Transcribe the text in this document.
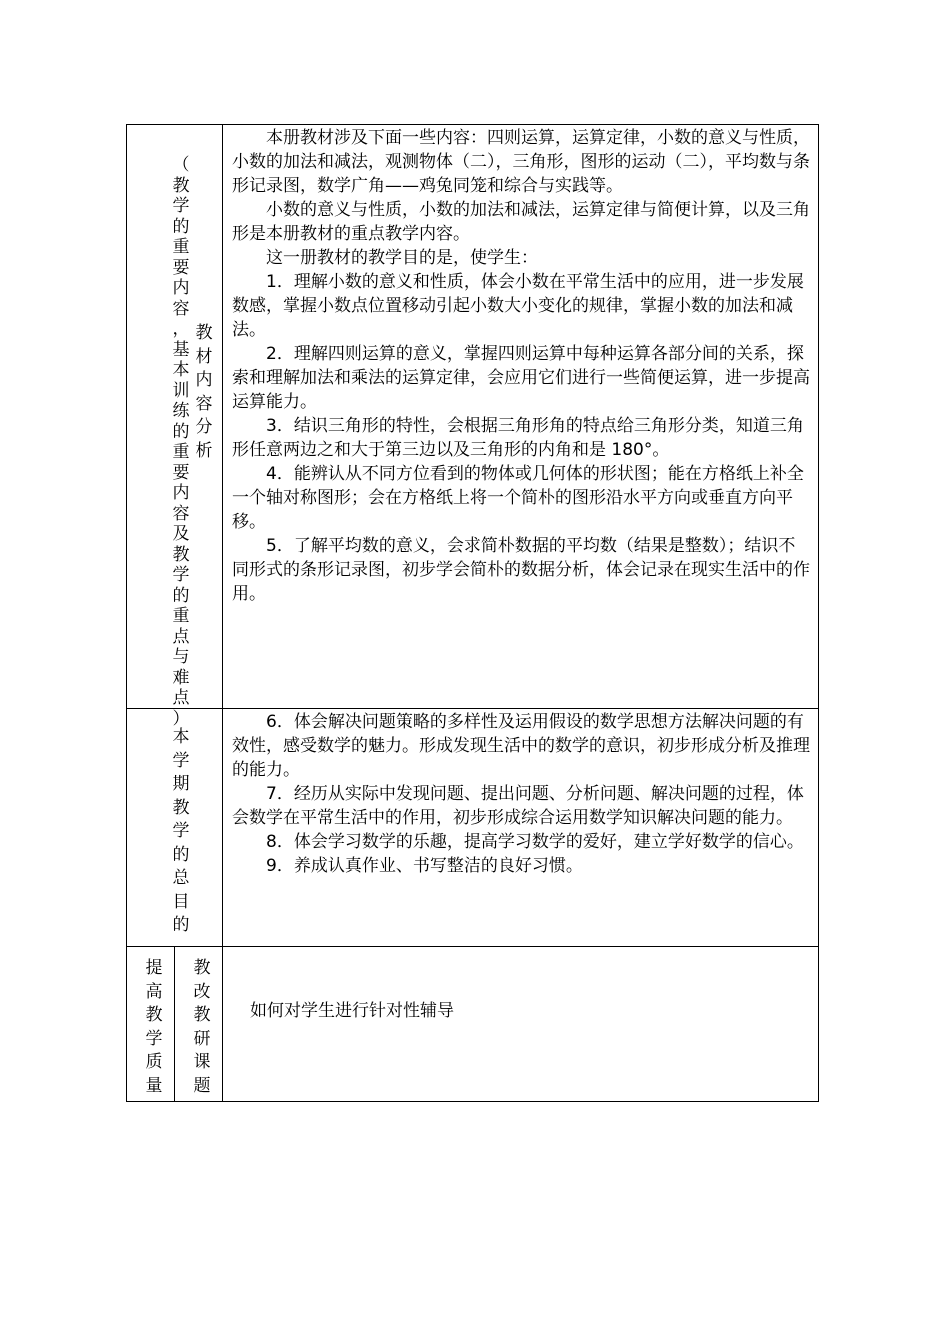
（
教
学
的
重
要
内
容
，
基
本
训
练
的
重
要
内
容
及
教
学
的
重
点
与
难
点
）
教
材
内
容
分
析

本册教材涉及下面一些内容：四则运算，运算定律，小数的意义与性质，小数的加法和减法，观测物体（二），三角形，图形的运动（二），平均数与条形记录图，数学广角——鸡兔同笼和综合与实践等。

小数的意义与性质，小数的加法和减法，运算定律与简便计算，以及三角形是本册教材的重点教学内容。

这一册教材的教学目的是，使学生：

1．理解小数的意义和性质，体会小数在平常生活中的应用，进一步发展数感，掌握小数点位置移动引起小数大小变化的规律，掌握小数的加法和减法。

2．理解四则运算的意义，掌握四则运算中每种运算各部分间的关系，探索和理解加法和乘法的运算定律，会应用它们进行一些简便运算，进一步提高运算能力。

3．结识三角形的特性，会根据三角形角的特点给三角形分类，知道三角形任意两边之和大于第三边以及三角形的内角和是 180°。

4．能辨认从不同方位看到的物体或几何体的形状图；能在方格纸上补全一个轴对称图形；会在方格纸上将一个简朴的图形沿水平方向或垂直方向平移。

5．了解平均数的意义，会求简朴数据的平均数（结果是整数）；结识不同形式的条形记录图，初步学会简朴的数据分析，体会记录在现实生活中的作用。

本
学
期
教
学
的
总
目
的

6．体会解决问题策略的多样性及运用假设的数学思想方法解决问题的有效性，感受数学的魅力。形成发现生活中的数学的意识，初步形成分析及推理的能力。

7．经历从实际中发现问题、提出问题、分析问题、解决问题的过程，体会数学在平常生活中的作用，初步形成综合运用数学知识解决问题的能力。

8．体会学习数学的乐趣，提高学习数学的爱好，建立学好数学的信心。

9．养成认真作业、书写整洁的良好习惯。

提
高
教
学
质
量
教
改
教
研
课
题
如何对学生进行针对性辅导
